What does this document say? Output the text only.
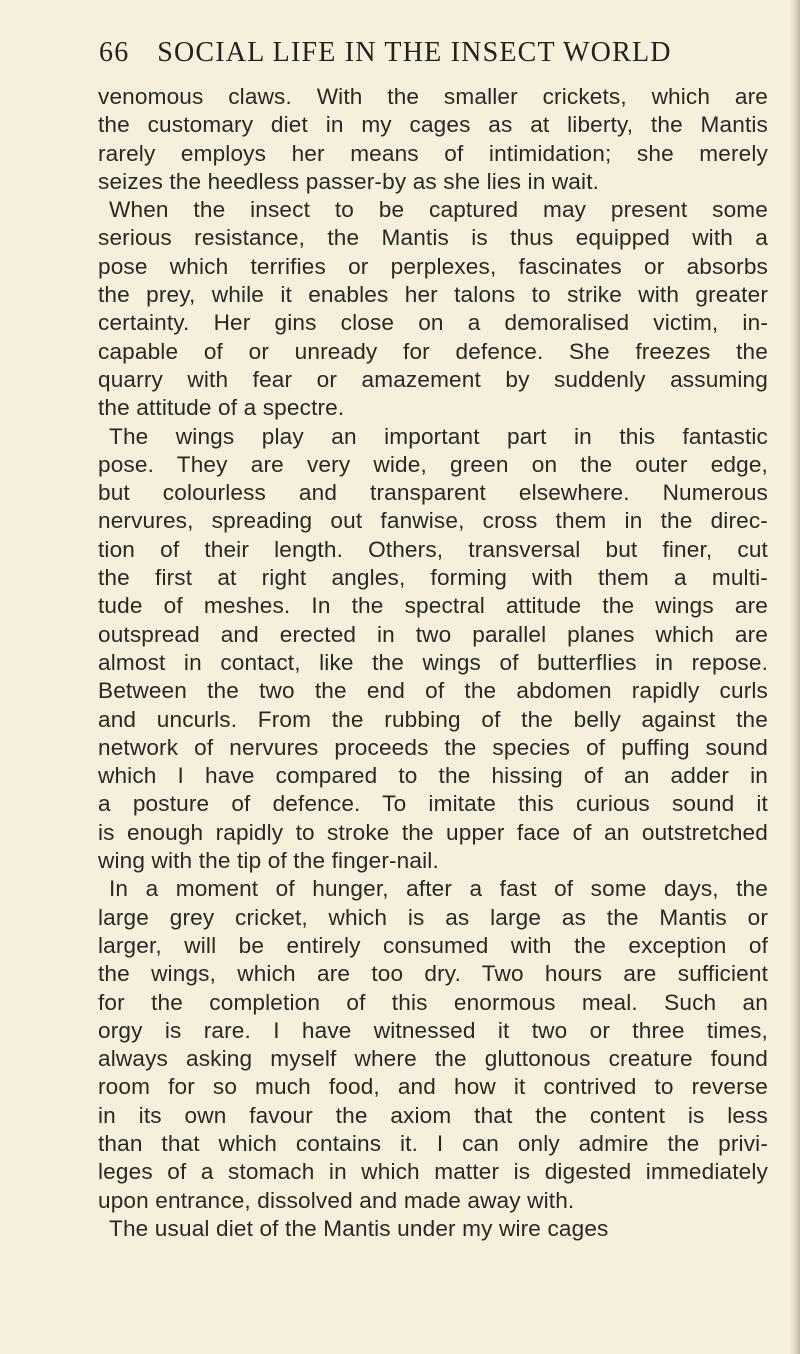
66 SOCIAL LIFE IN THE INSECT WORLD
venomous claws. With the smaller crickets, which are
the customary diet in my cages as at liberty, the Mantis
rarely employs her means of intimidation; she merely
seizes the heedless passer-by as she lies in wait.
When the insect to be captured may present some
serious resistance, the Mantis is thus equipped with a
pose which terrifies or perplexes, fascinates or absorbs
the prey, while it enables her talons to strike with greater
certainty. Her gins close on a demoralised victim, in-
capable of or unready for defence. She freezes the
quarry with fear or amazement by suddenly assuming
the attitude of a spectre.
The wings play an important part in this fantastic
pose. They are very wide, green on the outer edge,
but colourless and transparent elsewhere. Numerous
nervures, spreading out fanwise, cross them in the direc-
tion of their length. Others, transversal but finer, cut
the first at right angles, forming with them a multi-
tude of meshes. In the spectral attitude the wings are
outspread and erected in two parallel planes which are
almost in contact, like the wings of butterflies in repose.
Between the two the end of the abdomen rapidly curls
and uncurls. From the rubbing of the belly against the
network of nervures proceeds the species of puffing sound
which I have compared to the hissing of an adder in
a posture of defence. To imitate this curious sound it
is enough rapidly to stroke the upper face of an outstretched
wing with the tip of the finger-nail.
In a moment of hunger, after a fast of some days, the
large grey cricket, which is as large as the Mantis or
larger, will be entirely consumed with the exception of
the wings, which are too dry. Two hours are sufficient
for the completion of this enormous meal. Such an
orgy is rare. I have witnessed it two or three times,
always asking myself where the gluttonous creature found
room for so much food, and how it contrived to reverse
in its own favour the axiom that the content is less
than that which contains it. I can only admire the privi-
leges of a stomach in which matter is digested immediately
upon entrance, dissolved and made away with.
The usual diet of the Mantis under my wire cages
